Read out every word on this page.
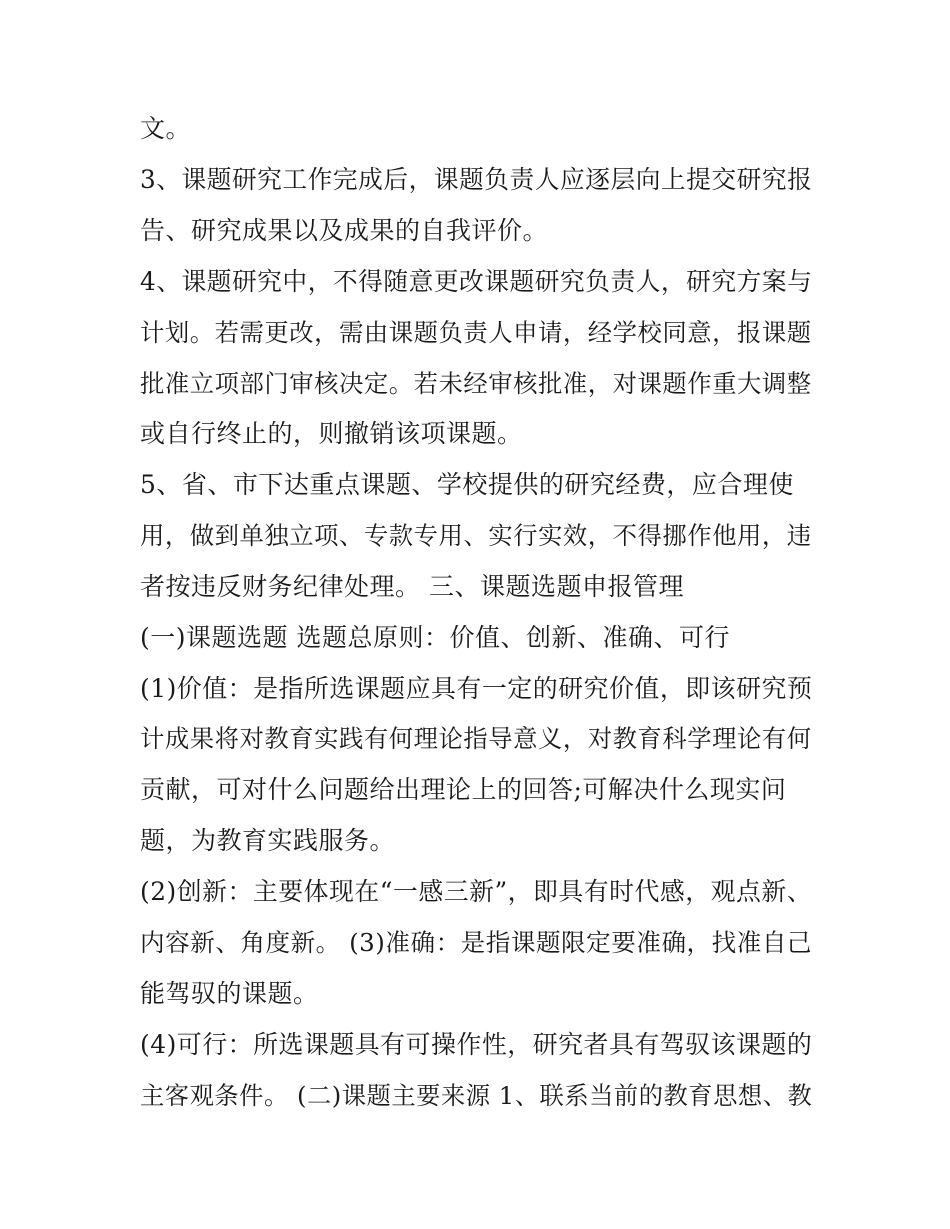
文。
3、课题研究工作完成后，课题负责人应逐层向上提交研究报
告、研究成果以及成果的自我评价。
4、课题研究中，不得随意更改课题研究负责人，研究方案与
计划。若需更改，需由课题负责人申请，经学校同意，报课题
批准立项部门审核决定。若未经审核批准，对课题作重大调整
或自行终止的，则撤销该项课题。
5、省、市下达重点课题、学校提供的研究经费，应合理使
用，做到单独立项、专款专用、实行实效，不得挪作他用，违
者按违反财务纪律处理。 三、课题选题申报管理
(一)课题选题 选题总原则：价值、创新、准确、可行
(1)价值：是指所选课题应具有一定的研究价值，即该研究预
计成果将对教育实践有何理论指导意义，对教育科学理论有何
贡献，可对什么问题给出理论上的回答;可解决什么现实问
题，为教育实践服务。
(2)创新：主要体现在“一感三新”，即具有时代感，观点新、
内容新、角度新。 (3)准确：是指课题限定要准确，找准自己
能驾驭的课题。
(4)可行：所选课题具有可操作性，研究者具有驾驭该课题的
主客观条件。 (二)课题主要来源 1、联系当前的教育思想、教
